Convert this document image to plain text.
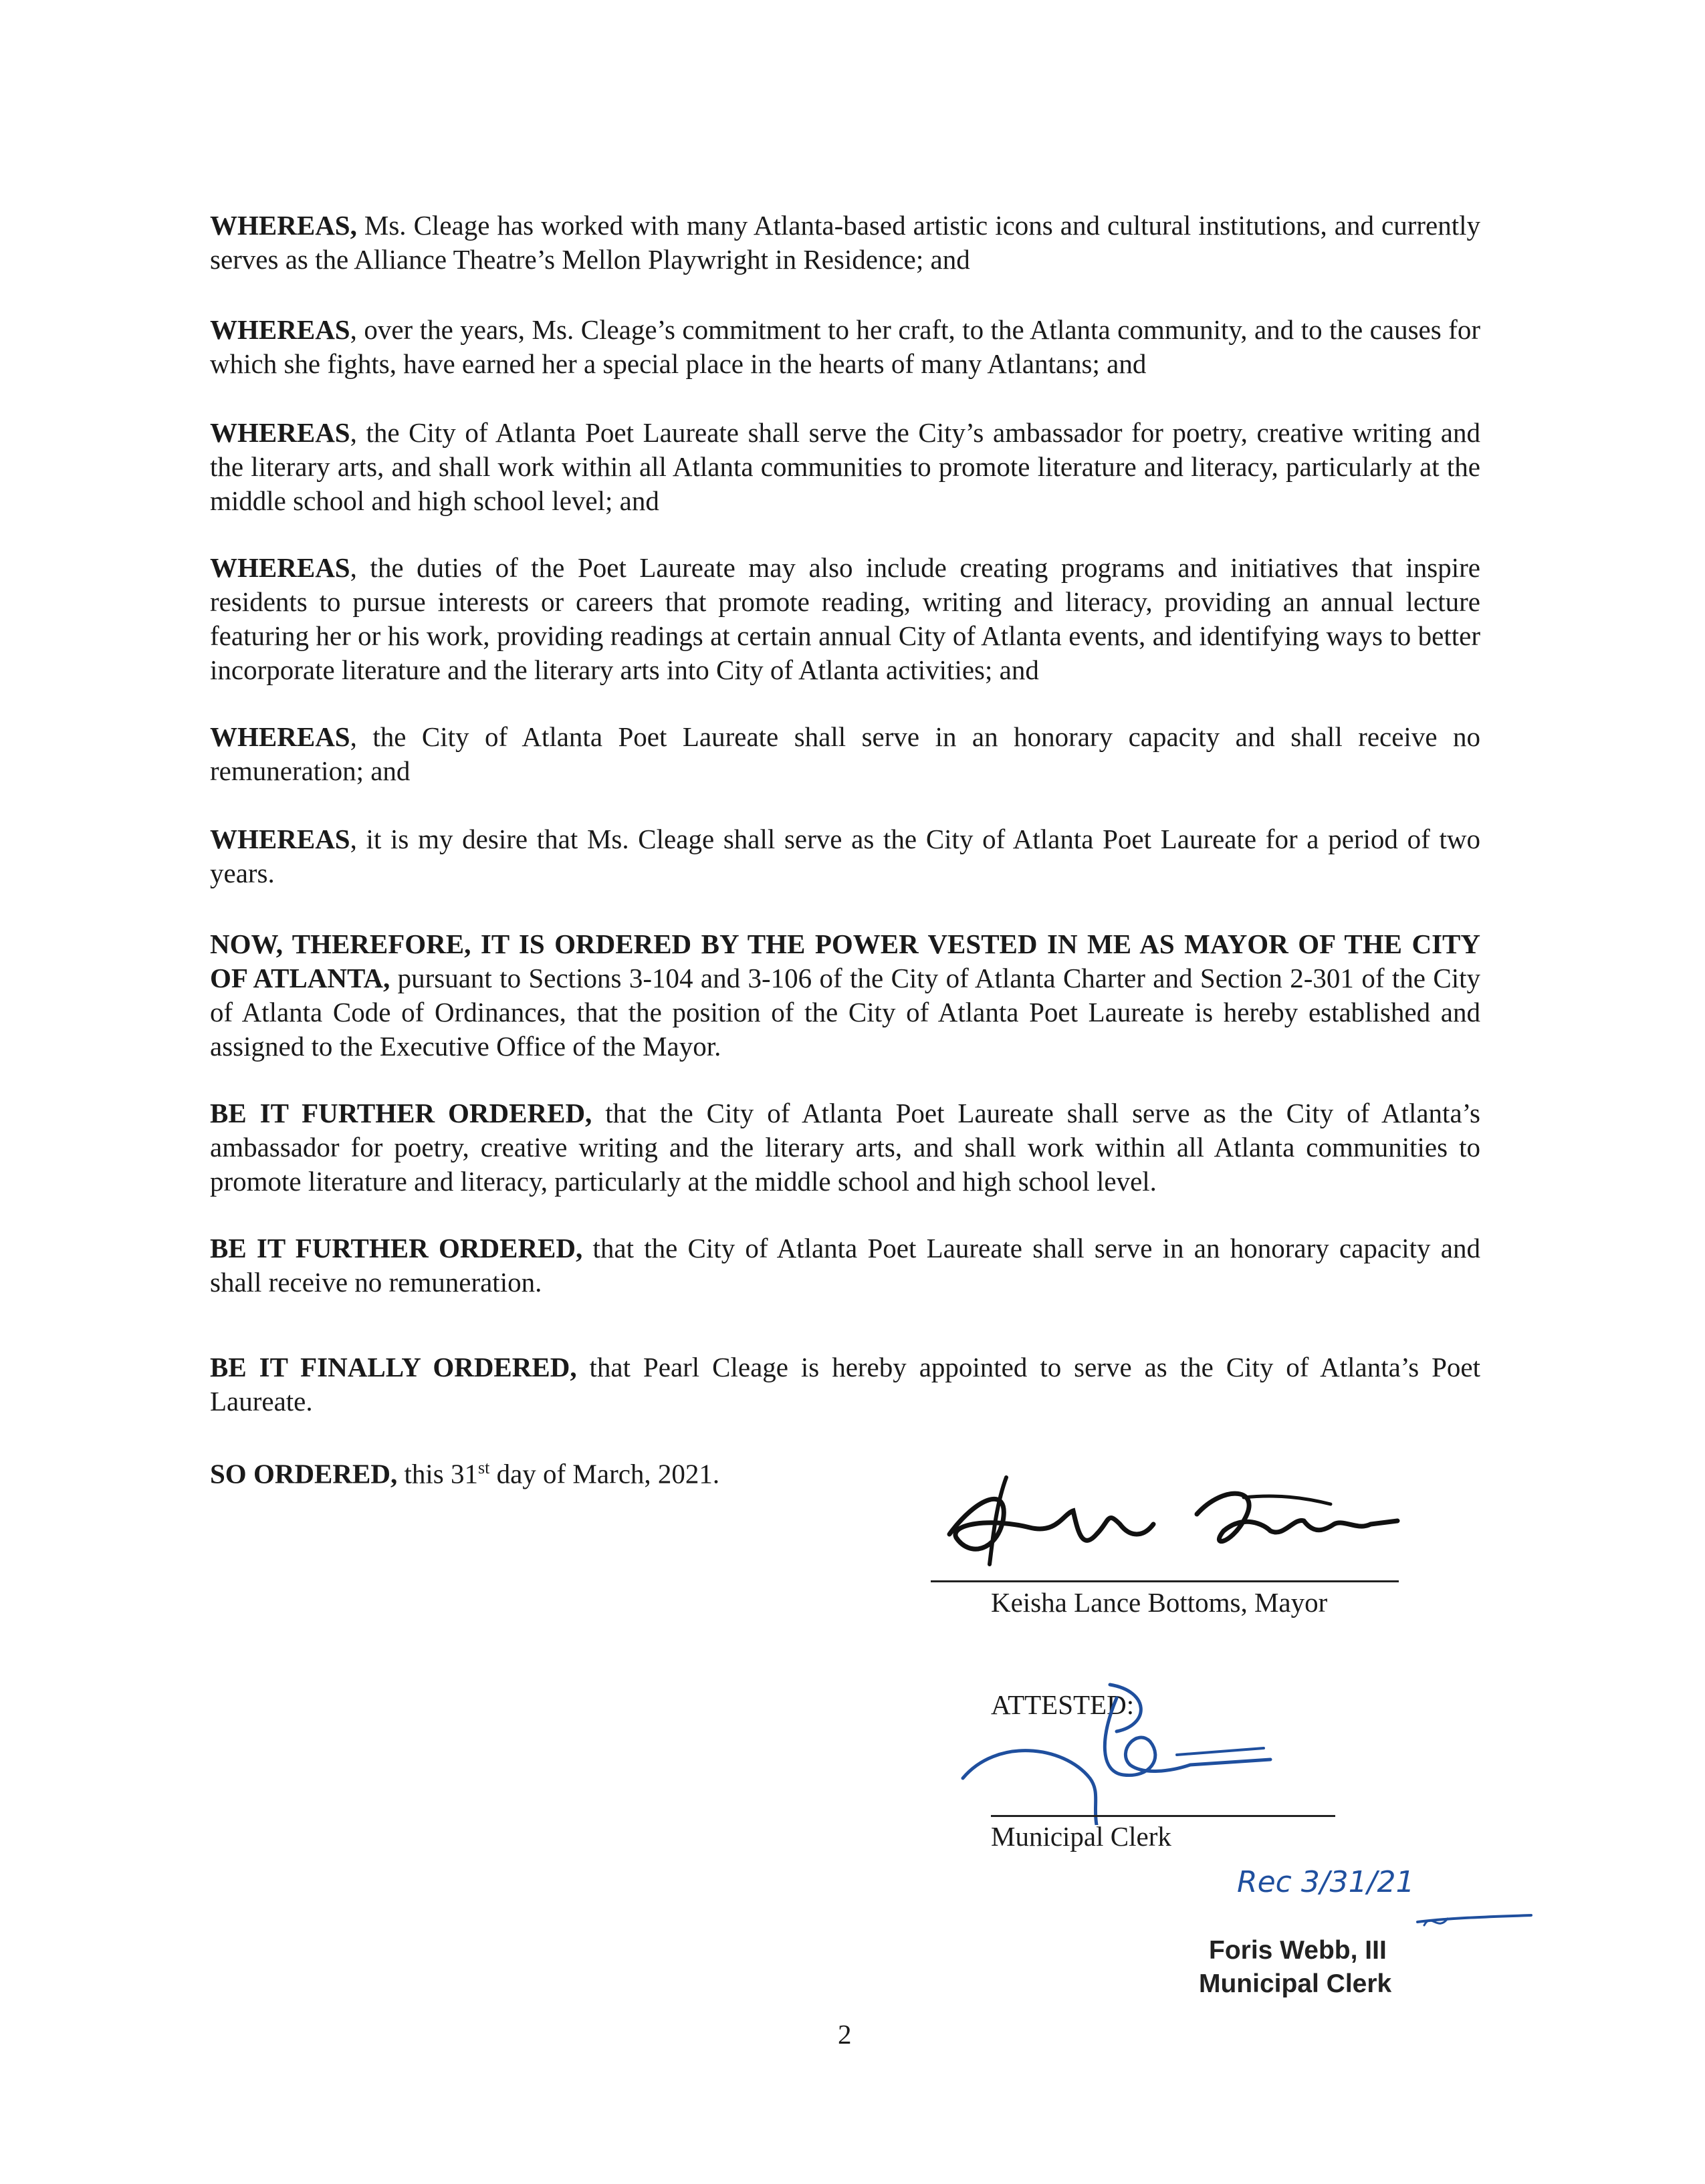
WHEREAS, Ms. Cleage has worked with many Atlanta-based artistic icons and cultural institutions, and currently serves as the Alliance Theatre’s Mellon Playwright in Residence; and

WHEREAS, over the years, Ms. Cleage’s commitment to her craft, to the Atlanta community, and to the causes for which she fights, have earned her a special place in the hearts of many Atlantans; and

WHEREAS, the City of Atlanta Poet Laureate shall serve the City’s ambassador for poetry, creative writing and the literary arts, and shall work within all Atlanta communities to promote literature and literacy, particularly at the middle school and high school level; and

WHEREAS, the duties of the Poet Laureate may also include creating programs and initiatives that inspire residents to pursue interests or careers that promote reading, writing and literacy, providing an annual lecture featuring her or his work, providing readings at certain annual City of Atlanta events, and identifying ways to better incorporate literature and the literary arts into City of Atlanta activities; and

WHEREAS, the City of Atlanta Poet Laureate shall serve in an honorary capacity and shall receive no remuneration; and

WHEREAS, it is my desire that Ms. Cleage shall serve as the City of Atlanta Poet Laureate for a period of two years.

NOW, THEREFORE, IT IS ORDERED BY THE POWER VESTED IN ME AS MAYOR OF THE CITY OF ATLANTA, pursuant to Sections 3-104 and 3-106 of the City of Atlanta Charter and Section 2-301 of the City of Atlanta Code of Ordinances, that the position of the City of Atlanta Poet Laureate is hereby established and assigned to the Executive Office of the Mayor.

BE IT FURTHER ORDERED, that the City of Atlanta Poet Laureate shall serve as the City of Atlanta’s ambassador for poetry, creative writing and the literary arts, and shall work within all Atlanta communities to promote literature and literacy, particularly at the middle school and high school level.

BE IT FURTHER ORDERED, that the City of Atlanta Poet Laureate shall serve in an honorary capacity and shall receive no remuneration.

BE IT FINALLY ORDERED, that Pearl Cleage is hereby appointed to serve as the City of Atlanta’s Poet Laureate.

SO ORDERED, this 31st day of March, 2021.

Keisha Lance Bottoms, Mayor
ATTESTED:
Municipal Clerk
Rec 3/31/21
Foris Webb, III
Municipal Clerk
2
